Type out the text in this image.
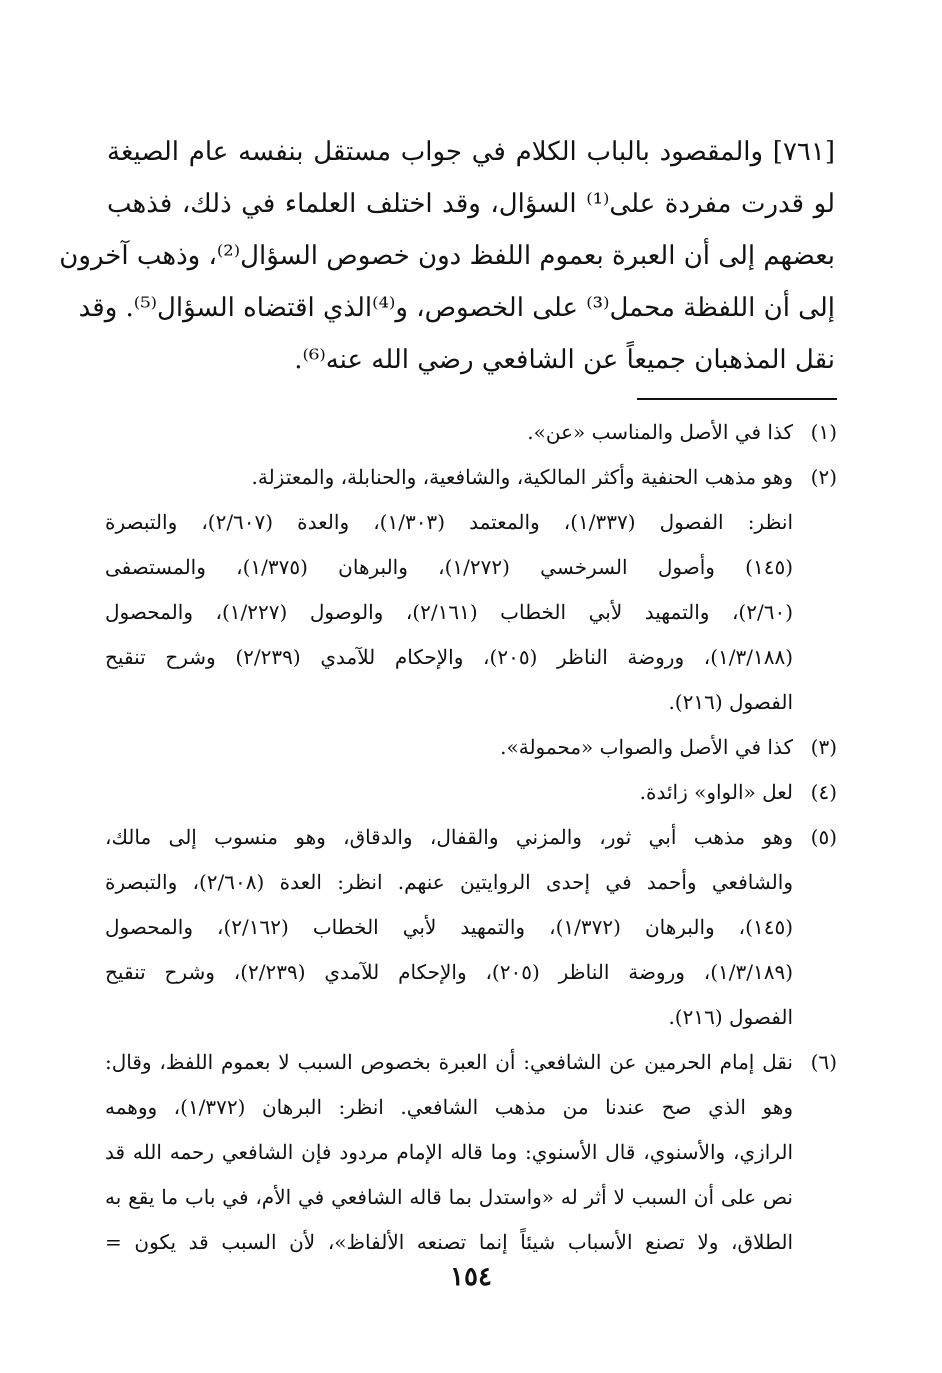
[٧٦١] والمقصود بالباب الكلام في جواب مستقل بنفسه عام الصيغة
لو قدرت مفردة على⁽¹⁾ السؤال، وقد اختلف العلماء في ذلك، فذهب
بعضهم إلى أن العبرة بعموم اللفظ دون خصوص السؤال⁽²⁾، وذهب آخرون
إلى أن اللفظة محمل⁽³⁾ على الخصوص، و⁽⁴⁾الذي اقتضاه السؤال⁽⁵⁾. وقد
نقل المذهبان جميعاً عن الشافعي رضي الله عنه⁽⁶⁾.
(١)
كذا في الأصل والمناسب «عن».
(٢)
وهو مذهب الحنفية وأكثر المالكية، والشافعية، والحنابلة، والمعتزلة.
انظر: الفصول (١/٣٣٧)، والمعتمد (١/٣٠٣)، والعدة (٢/٦٠٧)، والتبصرة
(١٤٥) وأصول السرخسي (١/٢٧٢)، والبرهان (١/٣٧٥)، والمستصفى
(٢/٦٠)، والتمهيد لأبي الخطاب (٢/١٦١)، والوصول (١/٢٢٧)، والمحصول
(١/٣/١٨٨)، وروضة الناظر (٢٠٥)، والإحكام للآمدي (٢/٢٣٩) وشرح تنقيح
الفصول (٢١٦).
(٣)
كذا في الأصل والصواب «محمولة».
(٤)
لعل «الواو» زائدة.
(٥)
وهو مذهب أبي ثور، والمزني والقفال، والدقاق، وهو منسوب إلى مالك،
والشافعي وأحمد في إحدى الروايتين عنهم. انظر: العدة (٢/٦٠٨)، والتبصرة
(١٤٥)، والبرهان (١/٣٧٢)، والتمهيد لأبي الخطاب (٢/١٦٢)، والمحصول
(١/٣/١٨٩)، وروضة الناظر (٢٠٥)، والإحكام للآمدي (٢/٢٣٩)، وشرح تنقيح
الفصول (٢١٦).
(٦)
نقل إمام الحرمين عن الشافعي: أن العبرة بخصوص السبب لا بعموم اللفظ، وقال:
وهو الذي صح عندنا من مذهب الشافعي. انظر: البرهان (١/٣٧٢)، ووهمه
الرازي، والأسنوي، قال الأسنوي: وما قاله الإمام مردود فإن الشافعي رحمه الله قد
نص على أن السبب لا أثر له «واستدل بما قاله الشافعي في الأم، في باب ما يقع به
الطلاق، ولا تصنع الأسباب شيئاً إنما تصنعه الألفاظ»، لأن السبب قد يكون =
١٥٤
